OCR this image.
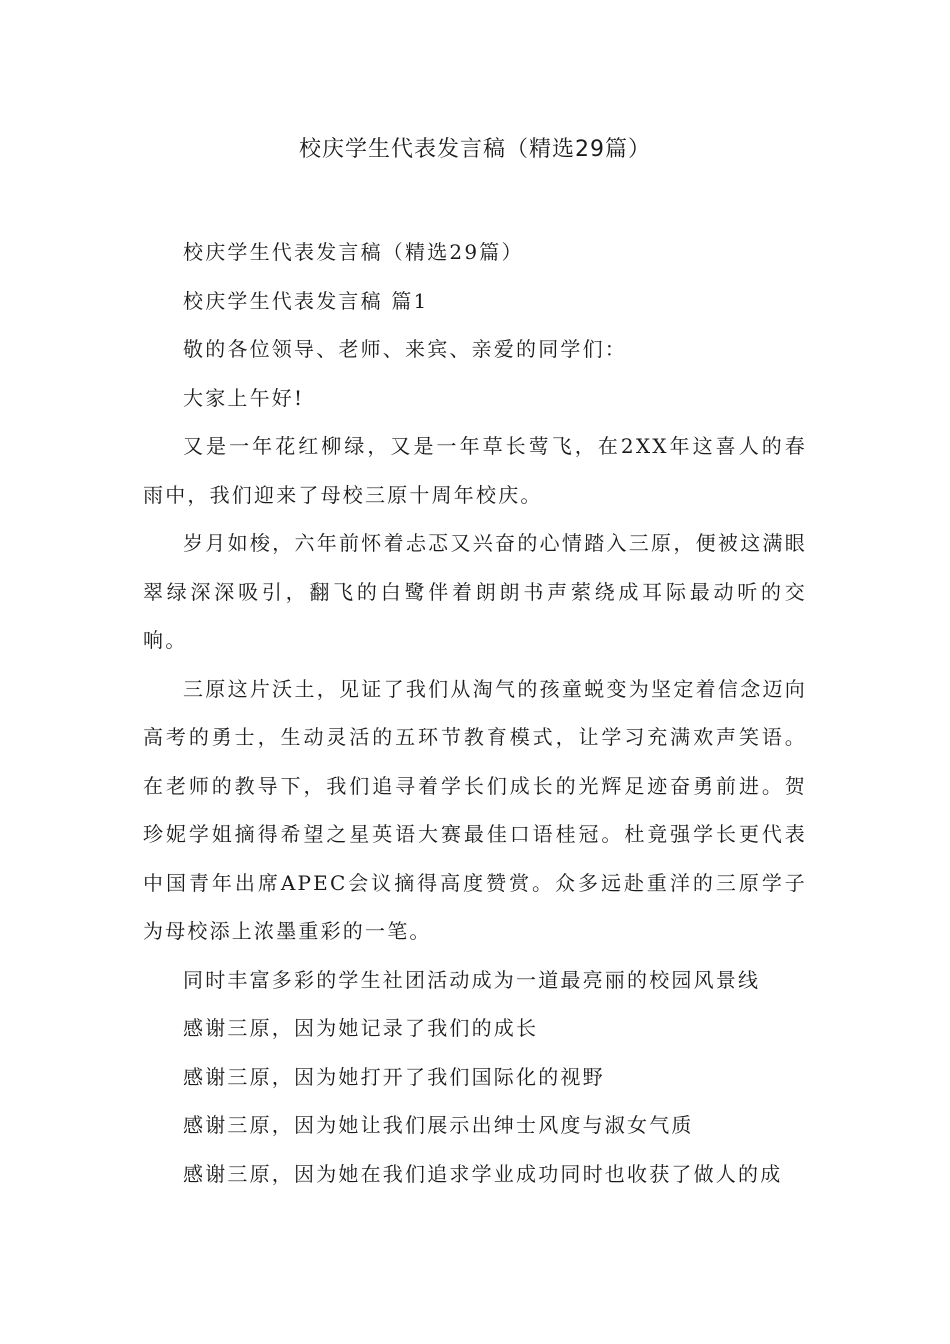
校庆学生代表发言稿（精选29篇）

校庆学生代表发言稿（精选29篇）

校庆学生代表发言稿 篇1

敬的各位领导、老师、来宾、亲爱的同学们：

大家上午好!

又是一年花红柳绿，又是一年草长莺飞，在2XX年这喜人的春雨中，我们迎来了母校三原十周年校庆。

岁月如梭，六年前怀着忐忑又兴奋的心情踏入三原，便被这满眼翠绿深深吸引，翻飞的白鹭伴着朗朗书声萦绕成耳际最动听的交响。

三原这片沃土，见证了我们从淘气的孩童蜕变为坚定着信念迈向高考的勇士，生动灵活的五环节教育模式，让学习充满欢声笑语。在老师的教导下，我们追寻着学长们成长的光辉足迹奋勇前进。贺珍妮学姐摘得希望之星英语大赛最佳口语桂冠。杜竟强学长更代表中国青年出席APEC会议摘得高度赞赏。众多远赴重洋的三原学子为母校添上浓墨重彩的一笔。

同时丰富多彩的学生社团活动成为一道最亮丽的校园风景线

感谢三原，因为她记录了我们的成长

感谢三原，因为她打开了我们国际化的视野

感谢三原，因为她让我们展示出绅士风度与淑女气质

感谢三原，因为她在我们追求学业成功同时也收获了做人的成
